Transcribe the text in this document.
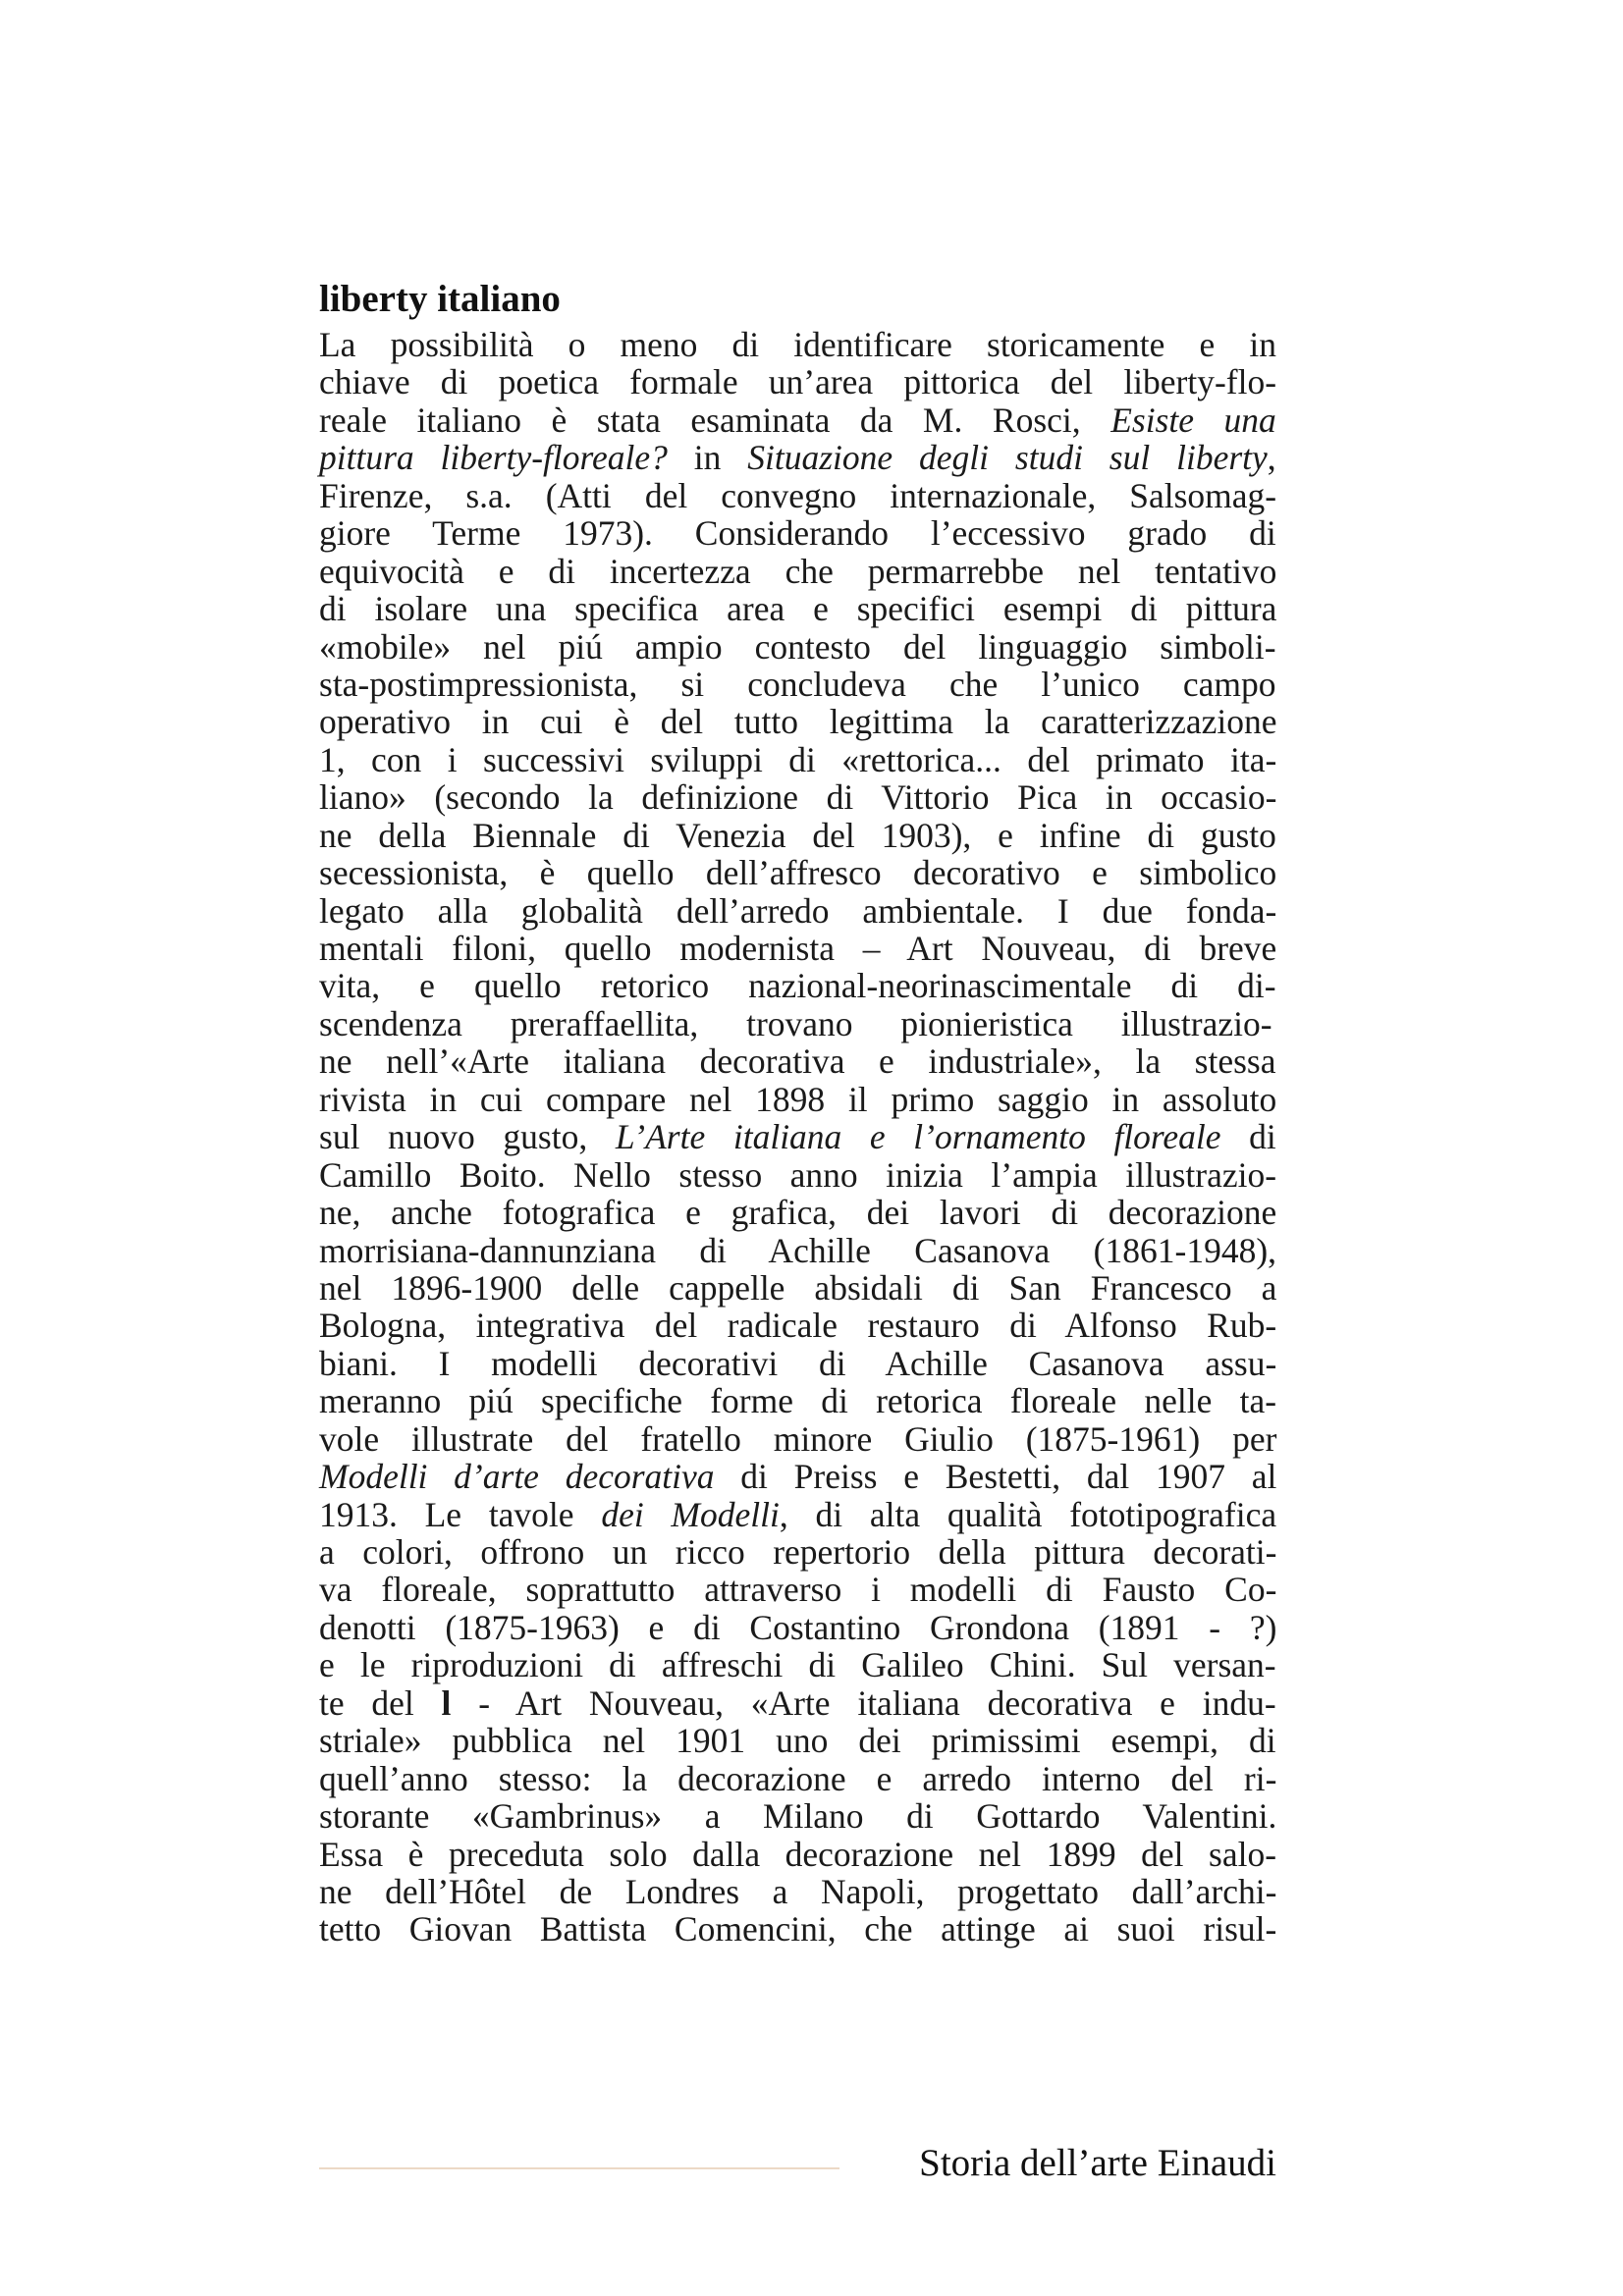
liberty italiano
La possibilità o meno di identificare storicamente e in
chiave di poetica formale un’area pittorica del liberty-flo-
reale italiano è stata esaminata da M. Rosci, Esiste una
pittura liberty-floreale? in Situazione degli studi sul liberty,
Firenze, s.a. (Atti del convegno internazionale, Salsomag-
giore Terme 1973). Considerando l’eccessivo grado di
equivocità e di incertezza che permarrebbe nel tentativo
di isolare una specifica area e specifici esempi di pittura
«mobile» nel piú ampio contesto del linguaggio simboli-
sta-postimpressionista, si concludeva che l’unico campo
operativo in cui è del tutto legittima la caratterizzazione
1, con i successivi sviluppi di «rettorica... del primato ita-
liano» (secondo la definizione di Vittorio Pica in occasio-
ne della Biennale di Venezia del 1903), e infine di gusto
secessionista, è quello dell’affresco decorativo e simbolico
legato alla globalità dell’arredo ambientale. I due fonda-
mentali filoni, quello modernista – Art Nouveau, di breve
vita, e quello retorico nazional-neorinascimentale di di-
scendenza preraffaellita, trovano pionieristica illustrazio-
ne nell’«Arte italiana decorativa e industriale», la stessa
rivista in cui compare nel 1898 il primo saggio in assoluto
sul nuovo gusto, L’Arte italiana e l’ornamento floreale di
Camillo Boito. Nello stesso anno inizia l’ampia illustrazio-
ne, anche fotografica e grafica, dei lavori di decorazione
morrisiana-dannunziana di Achille Casanova (1861-1948),
nel 1896-1900 delle cappelle absidali di San Francesco a
Bologna, integrativa del radicale restauro di Alfonso Rub-
biani. I modelli decorativi di Achille Casanova assu-
meranno piú specifiche forme di retorica floreale nelle ta-
vole illustrate del fratello minore Giulio (1875-1961) per
Modelli d’arte decorativa di Preiss e Bestetti, dal 1907 al
1913. Le tavole dei Modelli, di alta qualità fototipografica
a colori, offrono un ricco repertorio della pittura decorati-
va floreale, soprattutto attraverso i modelli di Fausto Co-
denotti (1875-1963) e di Costantino Grondona (1891 - ?)
e le riproduzioni di affreschi di Galileo Chini. Sul versan-
te del l - Art Nouveau, «Arte italiana decorativa e indu-
striale» pubblica nel 1901 uno dei primissimi esempi, di
quell’anno stesso: la decorazione e arredo interno del ri-
storante «Gambrinus» a Milano di Gottardo Valentini.
Essa è preceduta solo dalla decorazione nel 1899 del salo-
ne dell’Hôtel de Londres a Napoli, progettato dall’archi-
tetto Giovan Battista Comencini, che attinge ai suoi risul-
Storia dell’arte Einaudi
